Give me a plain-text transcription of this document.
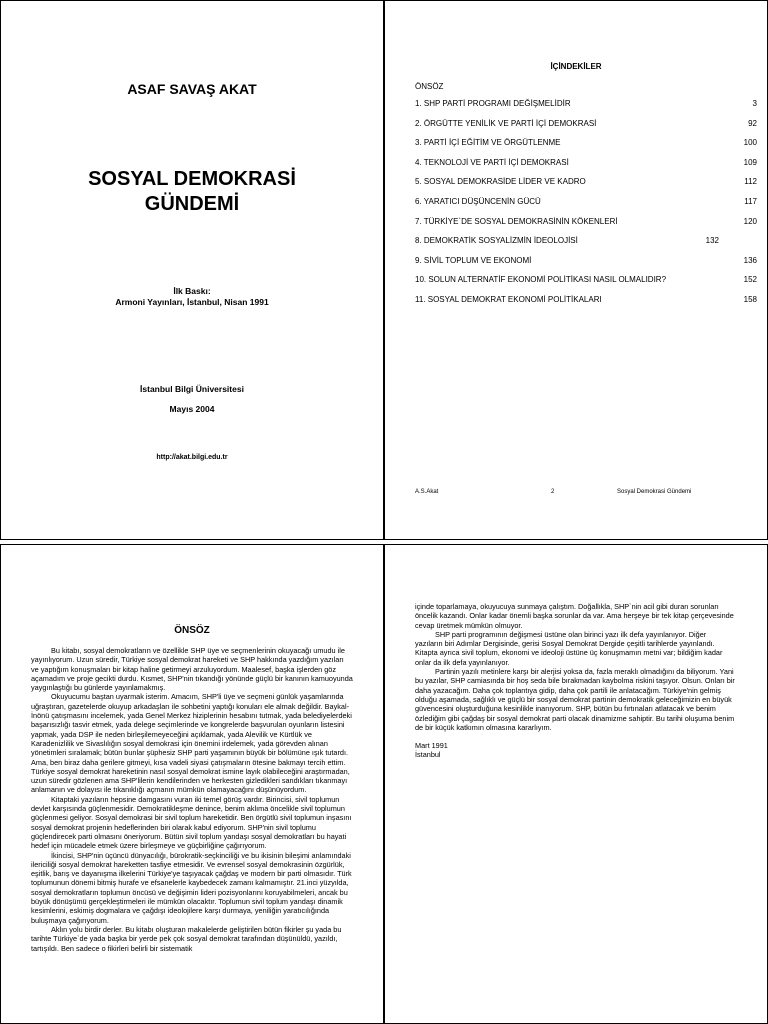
ASAF SAVAŞ AKAT
SOSYAL DEMOKRASİ
GÜNDEMİ
İlk Baskı:
Armoni Yayınları, İstanbul, Nisan 1991
İstanbul Bilgi Üniversitesi
Mayıs 2004
http://akat.bilgi.edu.tr
İÇİNDEKİLER
ÖNSÖZ
1. SHP PARTİ PROGRAMI DEĞİŞMELİDİR	3
2. ÖRGÜTTE YENİLİK VE PARTİ İÇİ DEMOKRASİ	92
3. PARTİ İÇİ EĞİTİM VE ÖRGÜTLENME	100
4. TEKNOLOJİ VE PARTİ İÇİ DEMOKRASİ	109
5. SOSYAL DEMOKRASİDE LİDER VE KADRO	112
6. YARATICI DÜŞÜNCENİN GÜCÜ	117
7. TÜRKİYE`DE SOSYAL DEMOKRASİNİN KÖKENLERİ	120
8. DEMOKRATİK SOSYALİZMİN İDEOLOJİSİ	132
9. SİVİL TOPLUM VE EKONOMİ	136
10. SOLUN ALTERNATİF EKONOMİ POLİTİKASI NASIL OLMALIDIR?	152
11. SOSYAL DEMOKRAT EKONOMİ POLİTİKALARI	158
A.S.Akat	2	Sosyal Demokrasi Gündemi
ÖNSÖZ

Bu kitabı, sosyal demokratların ve özellikle SHP üye ve seçmenlerinin okuyacağı umudu ile yayınlıyorum. Uzun süredir, Türkiye sosyal demokrat hareketi ve SHP hakkında yazdığım yazıları ve yaptığım konuşmaları bir kitap haline getirmeyi arzuluyordum. Maalesef, başka işlerden göz açamadım ve proje gecikti durdu. Kısmet, SHP'nin tıkandığı yönünde güçlü bir kanının kamuoyunda yaygınlaştığı bu günlerde yayınlamakmış.

Okuyucumu baştan uyarmak isterim. Amacım, SHP'li üye ve seçmeni günlük yaşamlarında uğraştıran, gazetelerde okuyup arkadaşları ile sohbetini yaptığı konuları ele almak değildir. Baykal-İnönü çatışmasını incelemek, yada Genel Merkez hiziplerinin hesabını tutmak, yada belediyelerdeki başarısızlığı tasvir etmek, yada delege seçimlerinde ve kongrelerde başvurulan oyunların listesini yapmak, yada DSP ile neden birleşilemeyeceğini açıklamak, yada Alevilik ve Kürtlük ve Karadenizlilik ve Sivaslılığın sosyal demokrasi için önemini irdelemek, yada görevden alınan yönetimleri sıralamak; bütün bunlar şüphesiz SHP parti yaşamının büyük bir bölümüne ışık tutardı. Ama, ben biraz daha gerilere gitmeyi, kısa vadeli siyasi çatışmaların ötesine bakmayı tercih ettim. Türkiye sosyal demokrat hareketinin nasıl sosyal demokrat ismine layık olabileceğini araştırmadan, uzun süredir gözlenen ama SHP'lilerin kendilerinden ve herkesten gizledikleri sandıkları tıkanmayı anlamanın ve dolayısı ile tıkanıklığı açmanın mümkün olamayacağını düşünüyordum.

Kitaptaki yazıların hepsine damgasını vuran iki temel görüş vardır. Birincisi, sivil toplumun devlet karşısında güçlenmesidir. Demokratikleşme denince, benim aklıma öncelikle sivil toplumun güçlenmesi geliyor. Sosyal demokrasi bir sivil toplum hareketidir. Ben örgütlü sivil toplumun inşasını sosyal demokrat projenin hedeflerinden biri olarak kabul ediyorum. SHP'nin sivil toplumu güçlendirecek parti olmasını öneriyorum. Bütün sivil toplum yandaşı sosyal demokratları bu hayati hedef için mücadele etmek üzere birleşmeye ve güçbirliğine çağırıyorum.

İkincisi, SHP'nin üçüncü dünyacılığı, bürokratik-seçkinciliği ve bu ikisinin bileşimi anlamındaki ilericiliği sosyal demokrat hareketten tasfiye etmesidir. Ve evrensel sosyal demokrasinin özgürlük, eşitlik, barış ve dayanışma ilkelerini Türkiye'ye taşıyacak çağdaş ve modern bir parti olmasıdır. Türk toplumunun dönemi bitmiş hurafe ve efsanelerle kaybedecek zamanı kalmamıştır. 21.inci yüzyılda, sosyal demokratların toplumun öncüsü ve değişimin lideri pozisyonlarını koruyabilmeleri, ancak bu büyük dönüşümü gerçekleştirmeleri ile mümkün olacaktır. Toplumun sivil toplum yandaşı dinamik kesimlerini, eskimiş dogmalara ve çağdışı ideolojilere karşı durmaya, yeniliğin yaratıcılığında buluşmaya çağırıyorum.

Aklın yolu birdir derler. Bu kitabı oluşturan makalelerde geliştirilen bütün fikirler şu yada bu tarihte Türkiye`de yada başka bir yerde pek çok sosyal demokrat tarafından düşünüldü, yazıldı, tartışıldı. Ben sadece o fikirleri belirli bir sistematik

içinde toparlamaya, okuyucuya sunmaya çalıştım. Doğallıkla, SHP`nin acil gibi duran sorunları öncelik kazandı. Onlar kadar önemli başka sorunlar da var. Ama herşeye bir tek kitap çerçevesinde cevap üretmek mümkün olmuyor.

SHP parti programının değişmesi üstüne olan birinci yazı ilk defa yayınlanıyor. Diğer yazıların biri Adımlar Dergisinde, gerisi Sosyal Demokrat Dergide çeşitli tarihlerde yayınlandı. Kitapta ayrıca sivil toplum, ekonomi ve ideoloji üstüne üç konuşmamın metni var; bildiğim kadar onlar da ilk defa yayınlanıyor.

Partinin yazılı metinlere karşı bir alerjisi yoksa da, fazla meraklı olmadığını da biliyorum. Yani bu yazılar, SHP camiasında bir hoş seda bile bırakmadan kaybolma riskini taşıyor. Olsun. Onları bir daha yazacağım. Daha çok toplantıya gidip, daha çok partili ile anlatacağım. Türkiye'nin gelmiş olduğu aşamada, sağlıklı ve güçlü bir sosyal demokrat partinin demokratik geleceğimizin en büyük güvencesini oluşturduğuna kesinlikle inanıyorum. SHP, bütün bu fırtınaları atlatacak ve benim özlediğim gibi çağdaş bir sosyal demokrat parti olacak dinamizme sahiptir. Bu tarihi oluşuma benim de bir küçük katkımın olmasına kararlıyım.

Mart 1991
İstanbul
